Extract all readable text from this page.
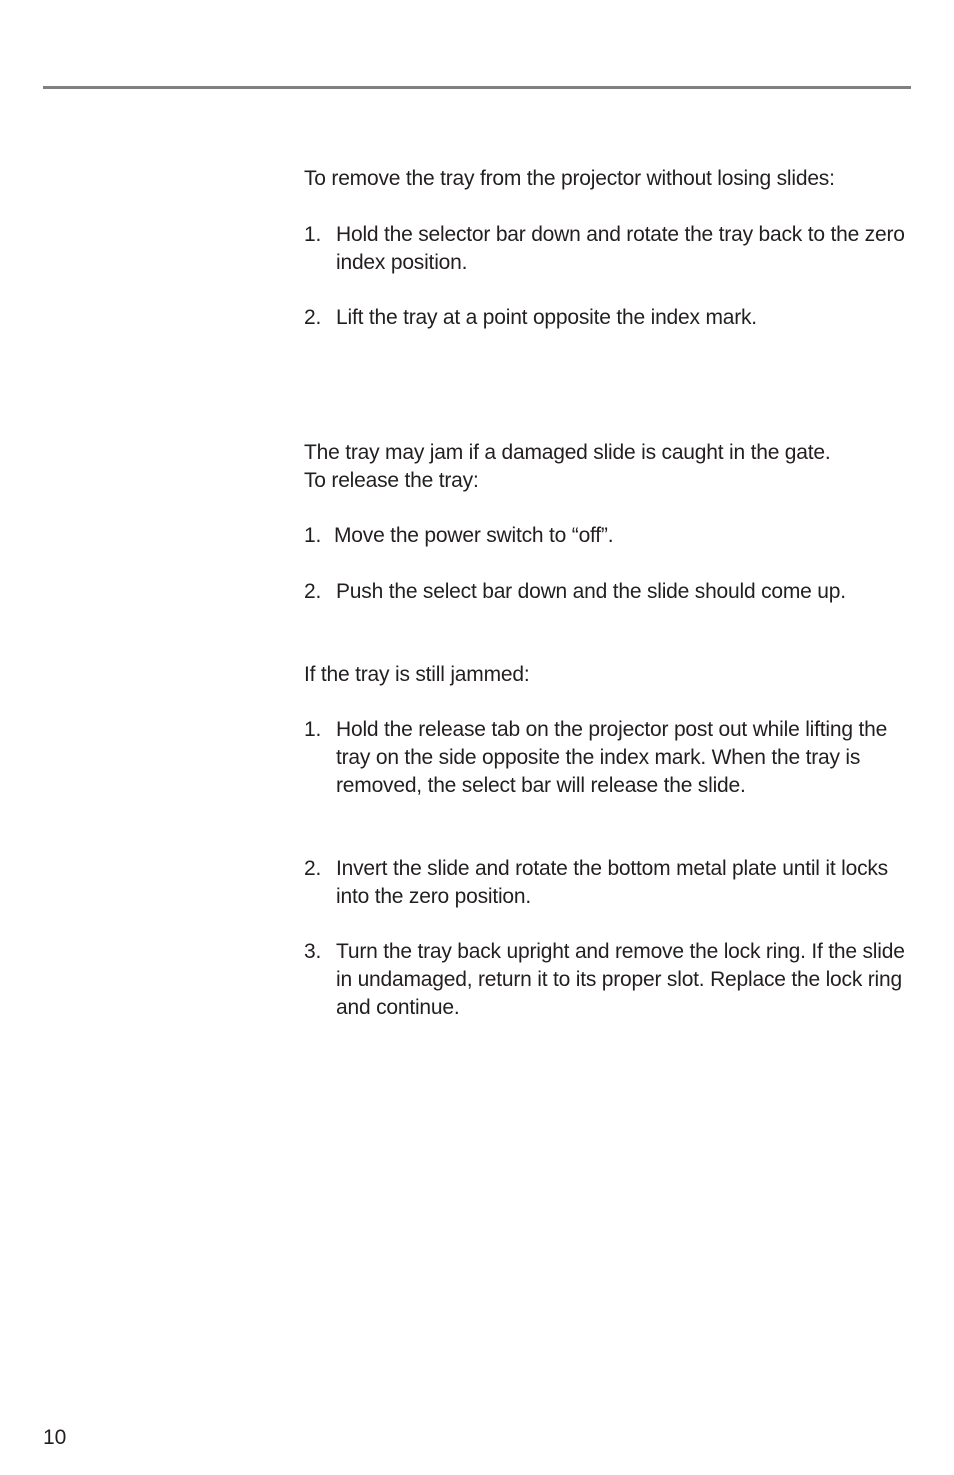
To remove the tray from the projector without losing slides:

1. Hold the selector bar down and rotate the tray back to the zero index position.
2. Lift the tray at a point opposite the index mark.

The tray may jam if a damaged slide is caught in the gate.

To release the tray:

1. Move the power switch to “off”.
2. Push the select bar down and the slide should come up.

If the tray is still jammed:

1. Hold the release tab on the projector post out while lifting the tray on the side opposite the index mark. When the tray is removed, the select bar will release the slide.
2. Invert the slide and rotate the bottom metal plate until it locks into the zero position.
3. Turn the tray back upright and remove the lock ring. If the slide in undamaged, return it to its proper slot. Replace the lock ring and continue.
10
